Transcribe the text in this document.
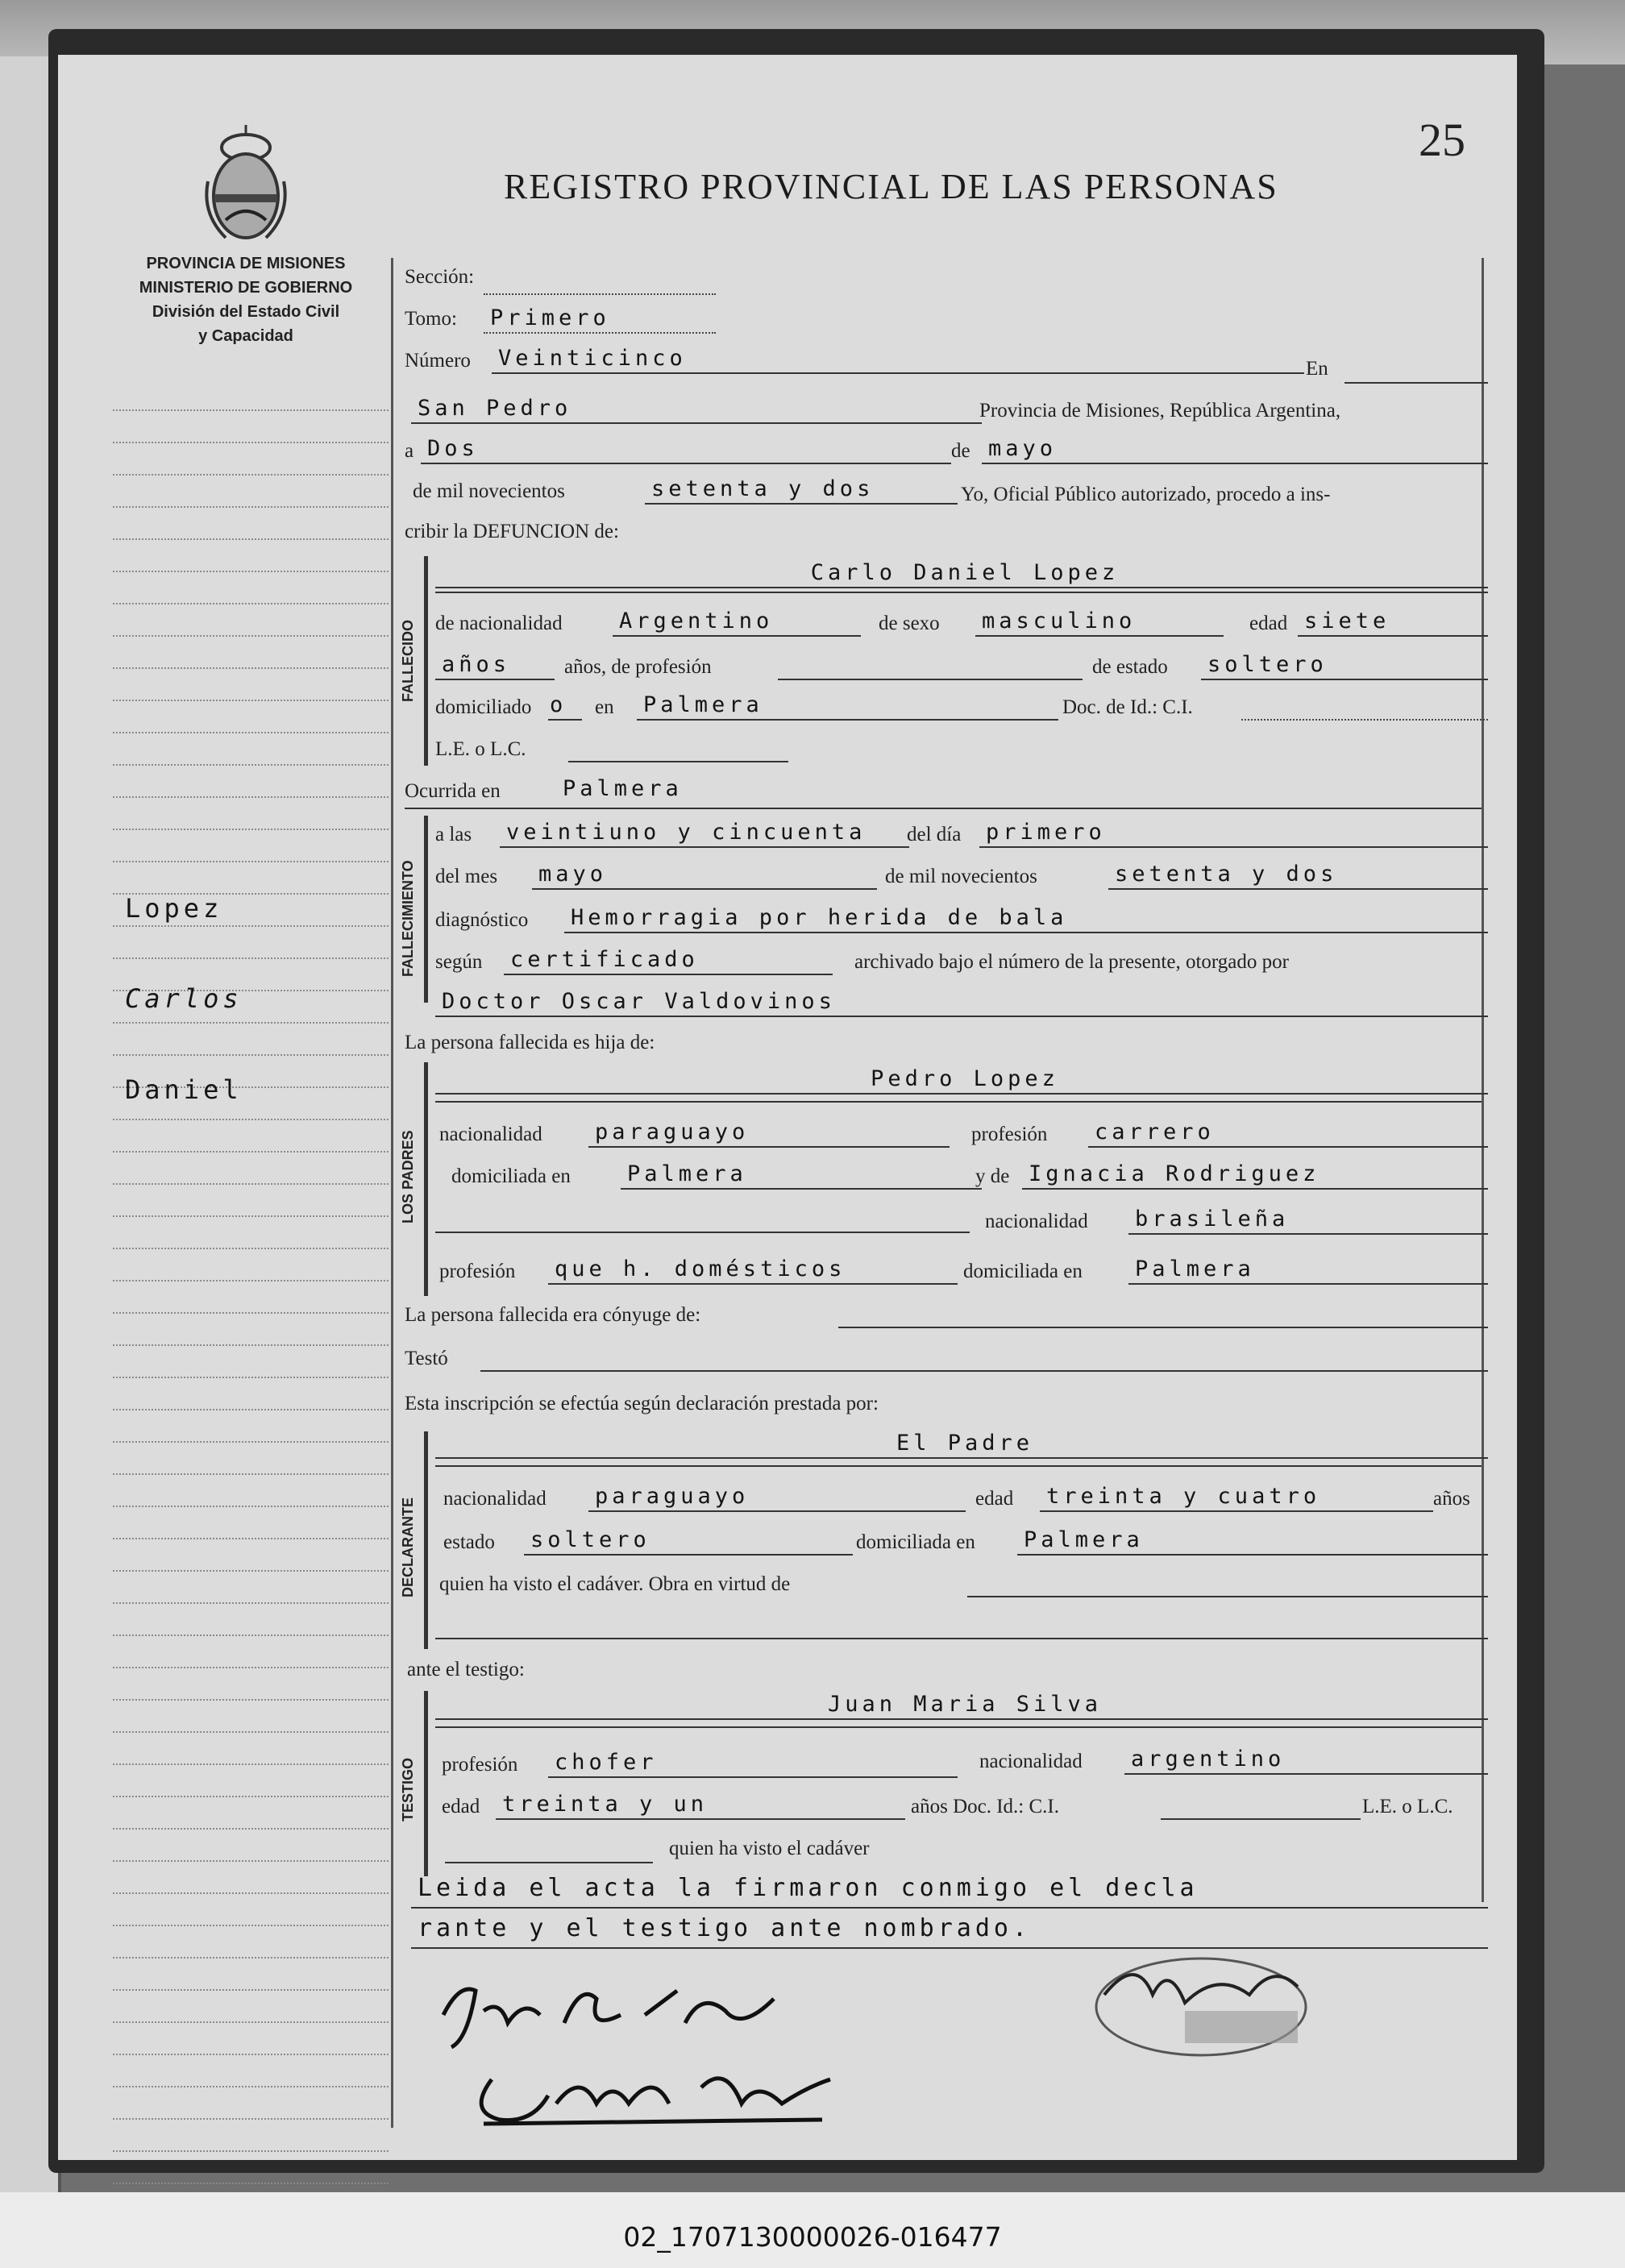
25
REGISTRO PROVINCIAL DE LAS PERSONAS
PROVINCIA DE MISIONES
MINISTERIO DE GOBIERNO
División del Estado Civil
y Capacidad
Lopez
Carlos
Daniel
Sección:
Tomo: Primero
Número Veinticinco	En
San Pedro	Provincia de Misiones, República Argentina,
a Dos	de mayo
de mil novecientos	setenta y dos	Yo, Oficial Público autorizado, procedo a ins-
cribir la DEFUNCION de:
FALLECIDO
Carlo Daniel Lopez
de nacionalidad	Argentino	de sexo masculino	edad siete
años	años, de profesión	de estado soltero
domiciliado o	en Palmera	Doc. de Id.: C.I.
L.E. o L.C.
Ocurrida en	Palmera
FALLECIMIENTO
a las veintiuno y cincuenta	del día primero
del mes mayo	de mil novecientos	setenta y dos
diagnóstico Hemorragia por herida de bala
según certificado	archivado bajo el número de la presente, otorgado por
Doctor Oscar Valdovinos
La persona fallecida es hija de:
LOS PADRES
Pedro Lopez
nacionalidad paraguayo	profesión carrero
domiciliada en	Palmera	y de Ignacia Rodriguez
nacionalidad brasileña
profesión que h. domésticos	domiciliada en Palmera
La persona fallecida era cónyuge de:
Testó
Esta inscripción se efectúa según declaración prestada por:
DECLARANTE
El Padre
nacionalidad paraguayo	edad treinta y cuatro	años
estado soltero	domiciliada en Palmera
quien ha visto el cadáver. Obra en virtud de
ante el testigo:
TESTIGO
Juan Maria Silva
profesión chofer	nacionalidad argentino
edad treinta y un	años Doc. Id.: C.I.	L.E. o L.C.
quien ha visto el cadáver
Leida el acta la firmaron conmigo el decla
rante y el testigo ante nombrado.
02_1707130000026-016477
